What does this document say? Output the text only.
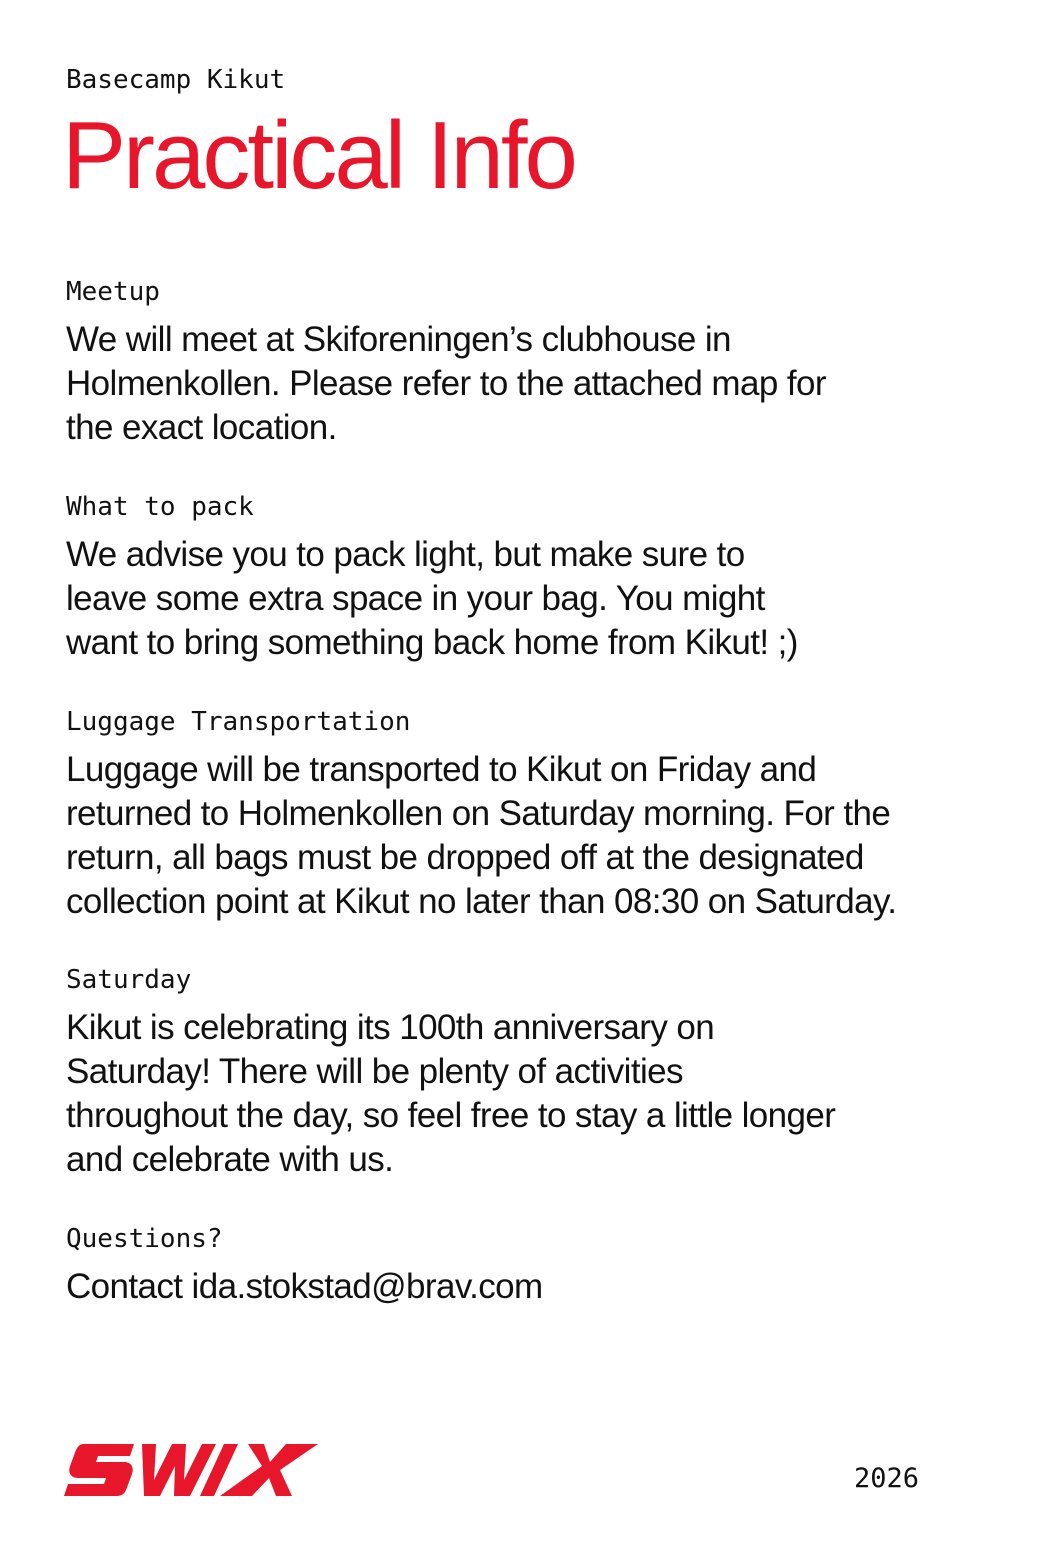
Basecamp Kikut

Practical Info

Meetup

We will meet at Skiforeningen’s clubhouse in
Holmenkollen. Please refer to the attached map for
the exact location.

What to pack

We advise you to pack light, but make sure to
leave some extra space in your bag. You might
want to bring something back home from Kikut! ;)

Luggage Transportation

Luggage will be transported to Kikut on Friday and
returned to Holmenkollen on Saturday morning. For the
return, all bags must be dropped off at the designated
collection point at Kikut no later than 08:30 on Saturday.

Saturday

Kikut is celebrating its 100th anniversary on
Saturday! There will be plenty of activities
throughout the day, so feel free to stay a little longer
and celebrate with us.

Questions?

Contact ida.stokstad@brav.com

2026
